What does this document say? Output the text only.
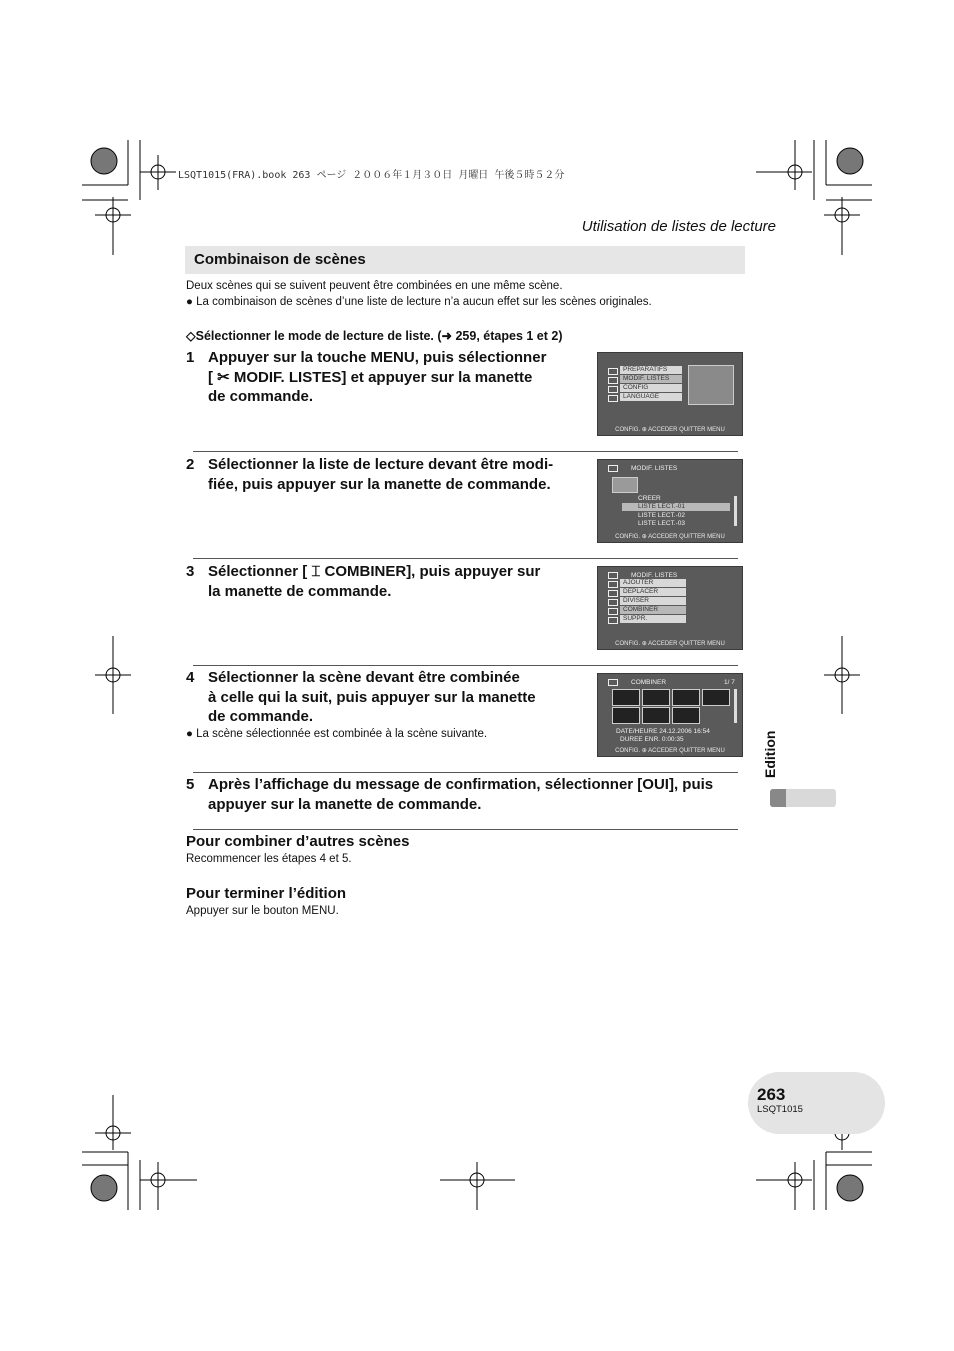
LSQT1015(FRA).book 263 ページ ２００６年１月３０日 月曜日 午後５時５２分
Utilisation de listes de lecture
Combinaison de scènes
Deux scènes qui se suivent peuvent être combinées en une même scène.
● La combinaison de scènes d’une liste de lecture n’a aucun effet sur les scènes originales.
◇Sélectionner le mode de lecture de liste. (➜ 259, étapes 1 et 2)
1 Appuyer sur la touche MENU, puis sélectionner
[ ✂ MODIF. LISTES] et appuyer sur la manette
de commande.
PREPARATIFS
MODIF. LISTES
CONFIG
LANGUAGE
CONFIG. ⊕ ACCEDER QUITTER MENU
2 Sélectionner la liste de lecture devant être modi-
fiée, puis appuyer sur la manette de commande.
MODIF. LISTES
CREER
LISTE LECT.-01
LISTE LECT.-02
LISTE LECT.-03
CONFIG. ⊕ ACCEDER QUITTER MENU
3 Sélectionner [ ⌶ COMBINER], puis appuyer sur
la manette de commande.
MODIF. LISTES
AJOUTER
DEPLACER
DIVISER
COMBINER
SUPPR.
CONFIG. ⊕ ACCEDER QUITTER MENU
4 Sélectionner la scène devant être combinée
à celle qui la suit, puis appuyer sur la manette
de commande.
● La scène sélectionnée est combinée à la scène suivante.
COMBINER	1/ 7
DATE/HEURE 24.12.2006 16:54
DUREE ENR. 0:00:35
CONFIG. ⊕ ACCEDER QUITTER MENU
5 Après l’affichage du message de confirmation, sélectionner [OUI], puis
appuyer sur la manette de commande.
Pour combiner d’autres scènes
Recommencer les étapes 4 et 5.
Pour terminer l’édition
Appuyer sur le bouton MENU.
Edition
263
LSQT1015
